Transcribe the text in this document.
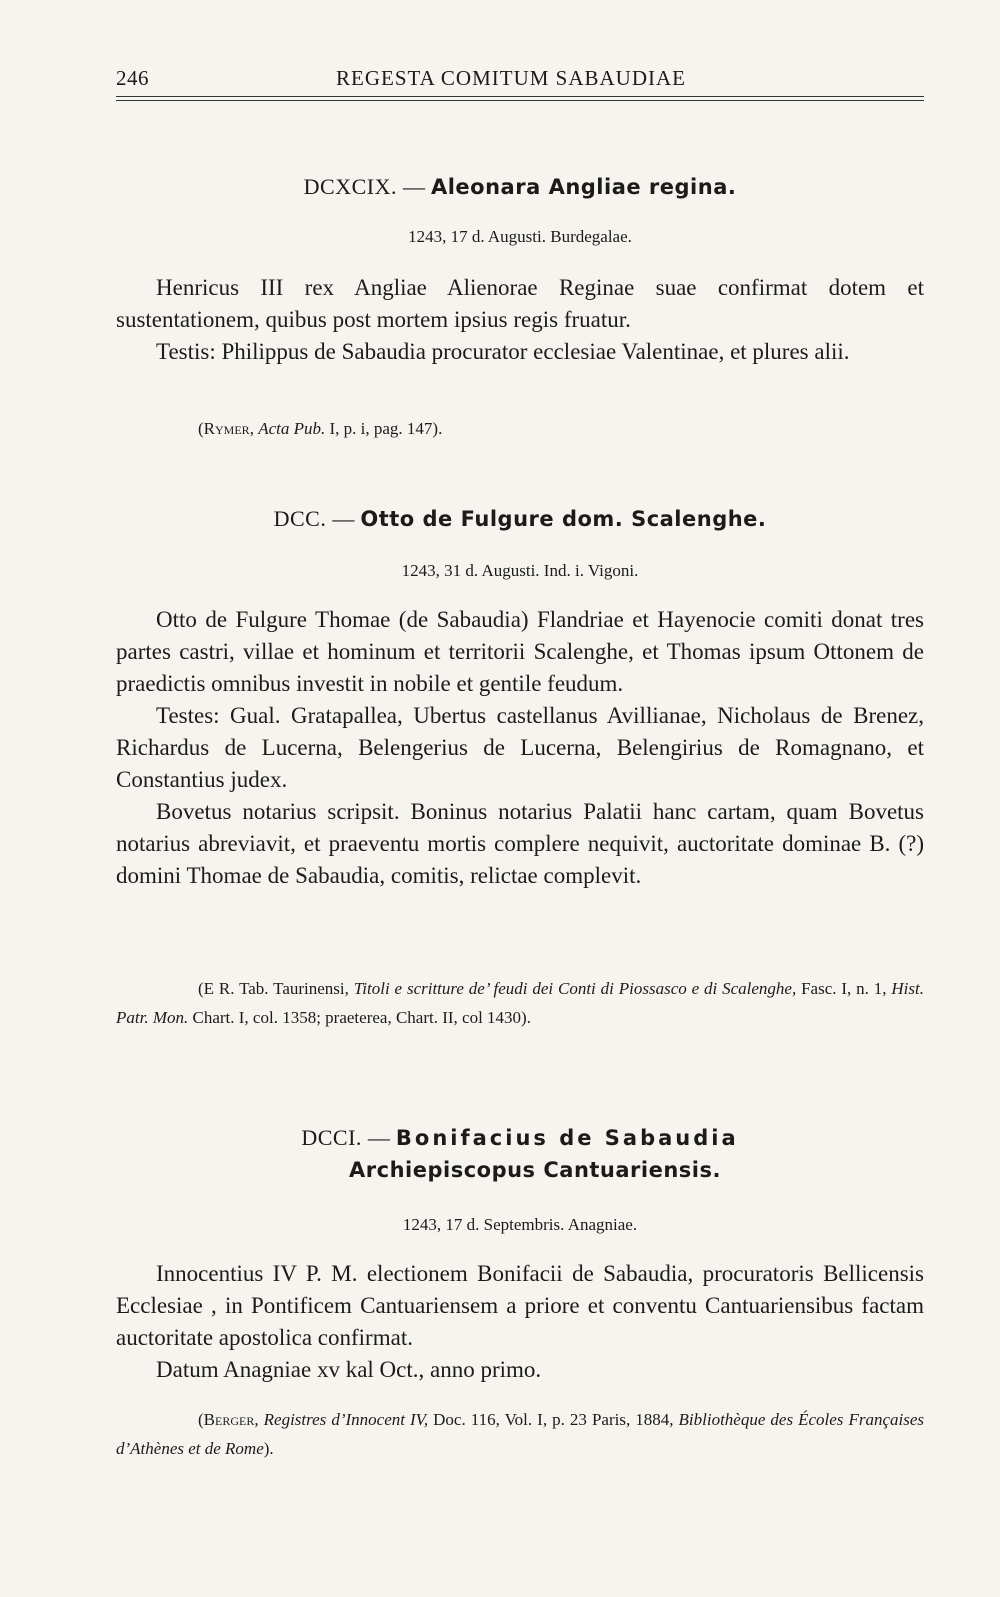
246	REGESTA COMITUM SABAUDIAE
DCXCIX. — Aleonara Angliae regina.
1243, 17 d. Augusti. Burdegalae.

Henricus III rex Angliae Alienorae Reginae suae confirmat dotem et sustentationem, quibus post mortem ipsius regis fruatur.

Testis: Philippus de Sabaudia procurator ecclesiae Valentinae, et plures alii.

(Rymer, Acta Pub. I, p. i, pag. 147).
DCC. — Otto de Fulgure dom. Scalenghe.
1243, 31 d. Augusti. Ind. i. Vigoni.

Otto de Fulgure Thomae (de Sabaudia) Flandriae et Hayenocie comiti donat tres partes castri, villae et hominum et territorii Scalenghe, et Thomas ipsum Ottonem de praedictis omnibus investit in nobile et gentile feudum.

Testes: Gual. Gratapallea, Ubertus castellanus Avillianae, Nicholaus de Brenez, Richardus de Lucerna, Belengerius de Lucerna, Belengirius de Romagnano, et Constantius judex.

Bovetus notarius scripsit. Boninus notarius Palatii hanc cartam, quam Bovetus notarius abreviavit, et praeventu mortis complere nequivit, auctoritate dominae B. (?) domini Thomae de Sabaudia, comitis, relictae complevit.

(E R. Tab. Taurinensi, Titoli e scritture de’ feudi dei Conti di Piossasco e di Scalenghe, Fasc. I, n. 1, Hist. Patr. Mon. Chart. I, col. 1358; praeterea, Chart. II, col 1430).
DCCI. — Bonifacius de Sabaudia
Archiepiscopus Cantuariensis.
1243, 17 d. Septembris. Anagniae.

Innocentius IV P. M. electionem Bonifacii de Sabaudia, procuratoris Bellicensis Ecclesiae , in Pontificem Cantuariensem a priore et conventu Cantuariensibus factam auctoritate apostolica confirmat.

Datum Anagniae xv kal Oct., anno primo.

(Berger, Registres d’Innocent IV, Doc. 116, Vol. I, p. 23 Paris, 1884, Bibliothèque des Écoles Françaises d’Athènes et de Rome).
